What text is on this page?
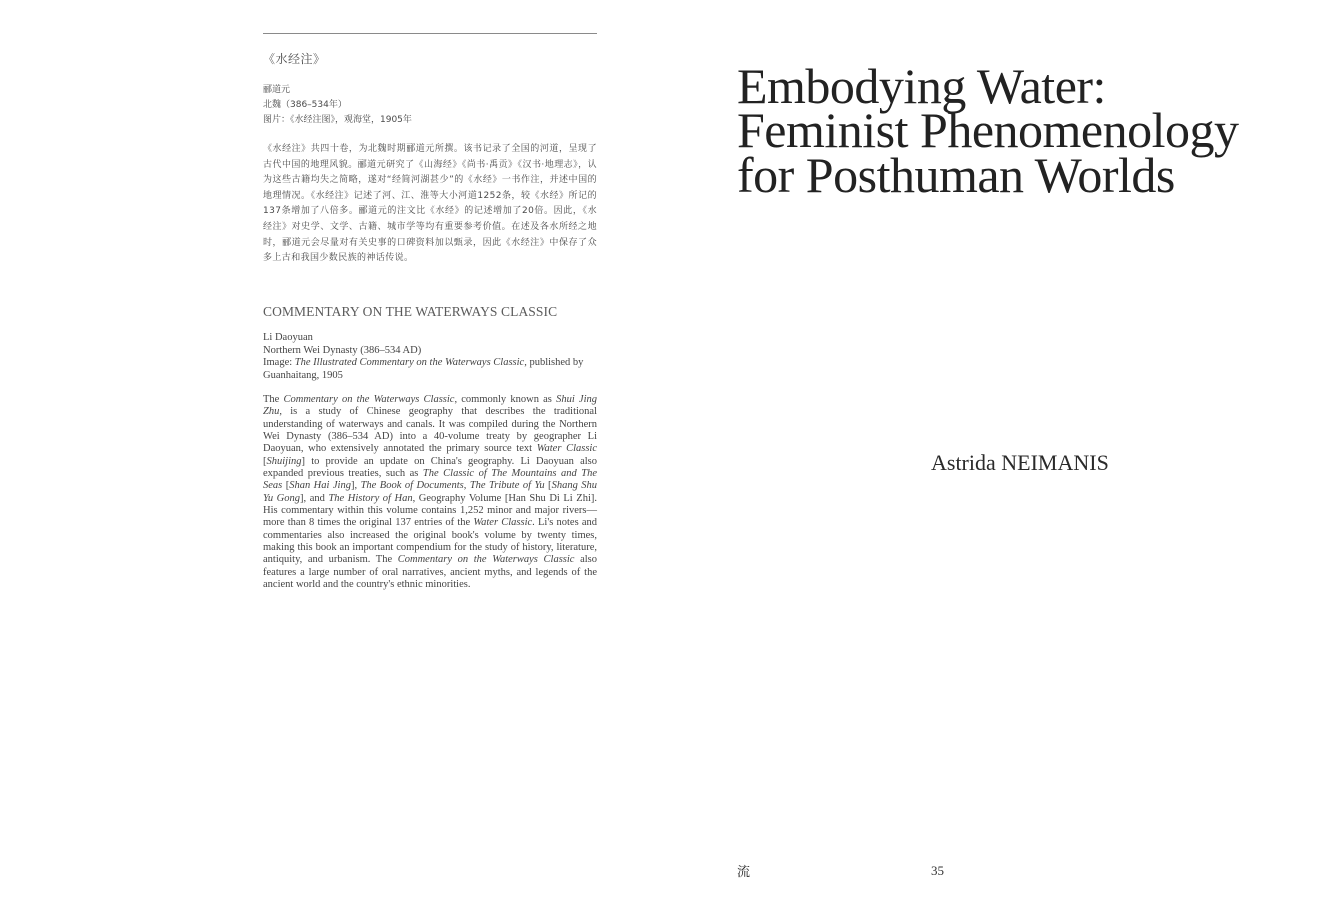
《水经注》
郦道元
北魏（386–534年）
图片：《水经注图》，观海堂，1905年
《水经注》共四十卷，为北魏时期郦道元所撰。该书记录了全国的河道，呈现了古代中国的地理风貌。郦道元研究了《山海经》《尚书·禹贡》《汉书·地理志》，认为这些古籍均失之简略，遂对“经简河湖甚少”的《水经》一书作注，并述中国的地理情况。《水经注》记述了河、江、淮等大小河道1252条，较《水经》所记的137条增加了八倍多。郦道元的注文比《水经》的记述增加了20倍。因此，《水经注》对史学、文学、古籍、城市学等均有重要参考价值。在述及各水所经之地时，郦道元会尽量对有关史事的口碑资料加以甄录，因此《水经注》中保存了众多上古和我国少数民族的神话传说。
COMMENTARY ON THE WATERWAYS CLASSIC
Li Daoyuan
Northern Wei Dynasty (386–534 AD)
Image: The Illustrated Commentary on the Waterways Classic, published by Guanhaitang, 1905
The Commentary on the Waterways Classic, commonly known as Shui Jing Zhu, is a study of Chinese geography that describes the traditional understanding of waterways and canals. It was compiled during the Northern Wei Dynasty (386–534 AD) into a 40-volume treaty by geographer Li Daoyuan, who extensively annotated the primary source text Water Classic [Shuijing] to provide an update on China's geography. Li Daoyuan also expanded previous treaties, such as The Classic of The Mountains and The Seas [Shan Hai Jing], The Book of Documents, The Tribute of Yu [Shang Shu Yu Gong], and The History of Han, Geography Volume [Han Shu Di Li Zhi]. His commentary within this volume contains 1,252 minor and major rivers—more than 8 times the original 137 entries of the Water Classic. Li's notes and commentaries also increased the original book's volume by twenty times, making this book an important compendium for the study of history, literature, antiquity, and urbanism. The Commentary on the Waterways Classic also features a large number of oral narratives, ancient myths, and legends of the ancient world and the country's ethnic minorities.
Embodying Water:
Feminist Phenomenology
for Posthuman Worlds
Astrida NEIMANIS
流	35
